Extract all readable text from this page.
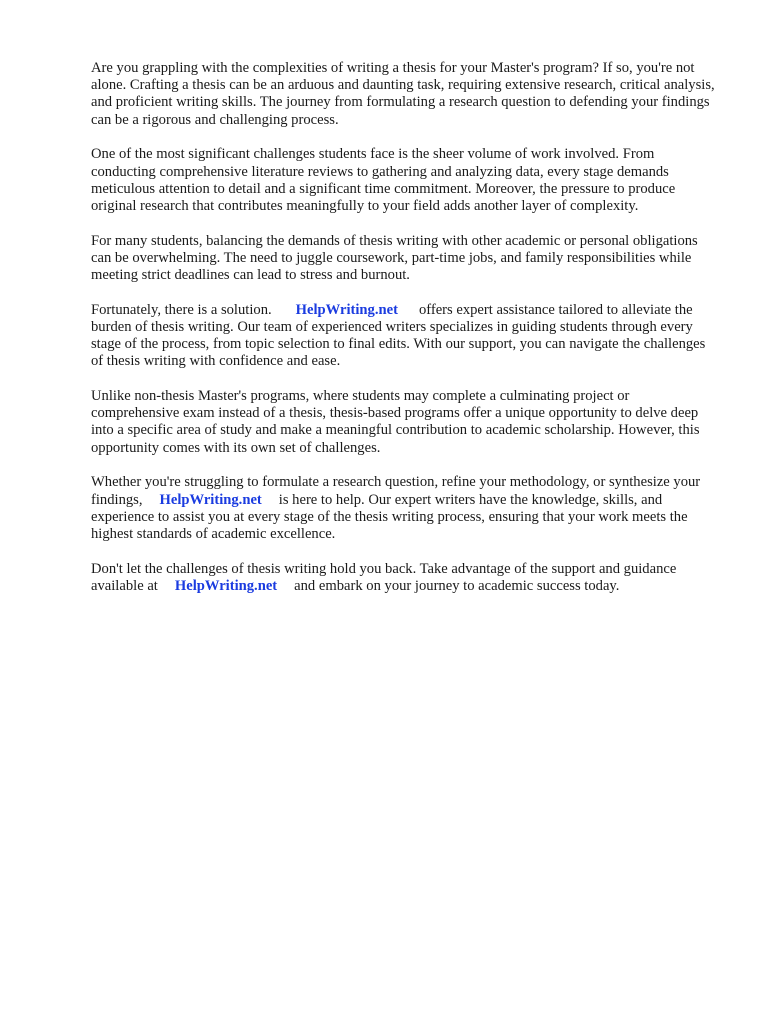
Are you grappling with the complexities of writing a thesis for your Master's program? If so, you're not alone. Crafting a thesis can be an arduous and daunting task, requiring extensive research, critical analysis, and proficient writing skills. The journey from formulating a research question to defending your findings can be a rigorous and challenging process.

One of the most significant challenges students face is the sheer volume of work involved. From conducting comprehensive literature reviews to gathering and analyzing data, every stage demands meticulous attention to detail and a significant time commitment. Moreover, the pressure to produce original research that contributes meaningfully to your field adds another layer of complexity.

For many students, balancing the demands of thesis writing with other academic or personal obligations can be overwhelming. The need to juggle coursework, part-time jobs, and family responsibilities while meeting strict deadlines can lead to stress and burnout.

Fortunately, there is a solution. HelpWriting.net offers expert assistance tailored to alleviate the burden of thesis writing. Our team of experienced writers specializes in guiding students through every stage of the process, from topic selection to final edits. With our support, you can navigate the challenges of thesis writing with confidence and ease.

Unlike non-thesis Master's programs, where students may complete a culminating project or comprehensive exam instead of a thesis, thesis-based programs offer a unique opportunity to delve deep into a specific area of study and make a meaningful contribution to academic scholarship. However, this opportunity comes with its own set of challenges.

Whether you're struggling to formulate a research question, refine your methodology, or synthesize your findings, HelpWriting.net is here to help. Our expert writers have the knowledge, skills, and experience to assist you at every stage of the thesis writing process, ensuring that your work meets the highest standards of academic excellence.

Don't let the challenges of thesis writing hold you back. Take advantage of the support and guidance available at HelpWriting.net and embark on your journey to academic success today.
